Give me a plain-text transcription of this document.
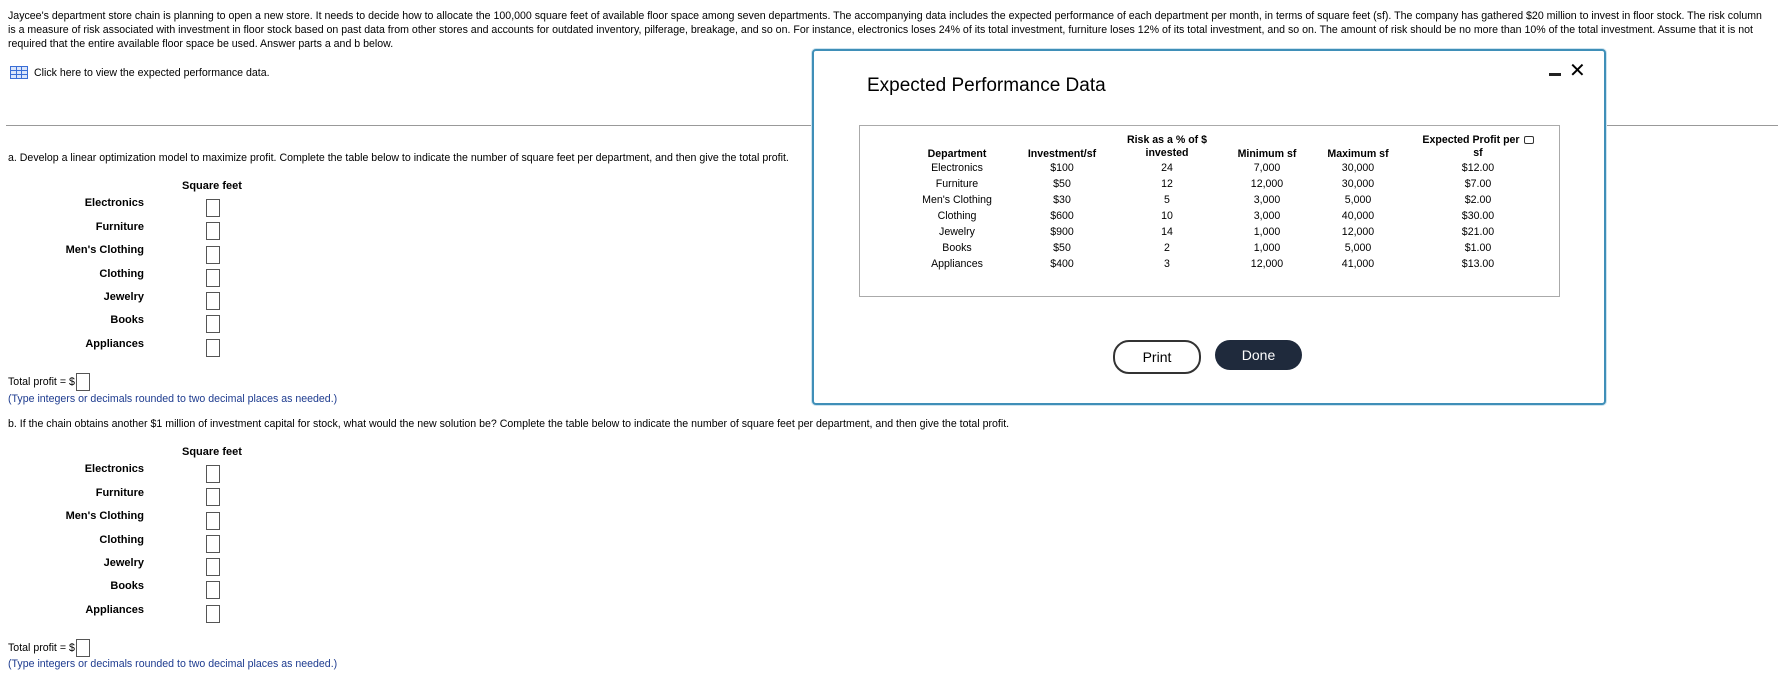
Jaycee's department store chain is planning to open a new store. It needs to decide how to allocate the 100,000 square feet of available floor space among seven departments. The accompanying data includes the expected performance of each department per month, in terms of square feet (sf). The company has gathered $20 million to invest in floor stock. The risk column is a measure of risk associated with investment in floor stock based on past data from other stores and accounts for outdated inventory, pilferage, breakage, and so on. For instance, electronics loses 24% of its total investment, furniture loses 12% of its total investment, and so on. The amount of risk should be no more than 10% of the total investment. Assume that it is not required that the entire available floor space be used. Answer parts a and b below.
Click here to view the expected performance data.
a. Develop a linear optimization model to maximize profit. Complete the table below to indicate the number of square feet per department, and then give the total profit.
Square feet
Electronics
Furniture
Men's Clothing
Clothing
Jewelry
Books
Appliances
Total profit = $
(Type integers or decimals rounded to two decimal places as needed.)
b. If the chain obtains another $1 million of investment capital for stock, what would the new solution be? Complete the table below to indicate the number of square feet per department, and then give the total profit.
Square feet
Electronics
Furniture
Men's Clothing
Clothing
Jewelry
Books
Appliances
Total profit = $
(Type integers or decimals rounded to two decimal places as needed.)
Expected Performance Data
✕
Department	Investment/sf
Risk as a % of $
invested	Minimum sf	Maximum sf
Expected Profit per
sf
Electronics	$100	24	7,000	30,000	$12.00
Furniture	$50	12	12,000	30,000	$7.00
Men's Clothing	$30	5	3,000	5,000	$2.00
Clothing	$600	10	3,000	40,000	$30.00
Jewelry	$900	14	1,000	12,000	$21.00
Books	$50	2	1,000	5,000	$1.00
Appliances	$400	3	12,000	41,000	$13.00
Print	Done
